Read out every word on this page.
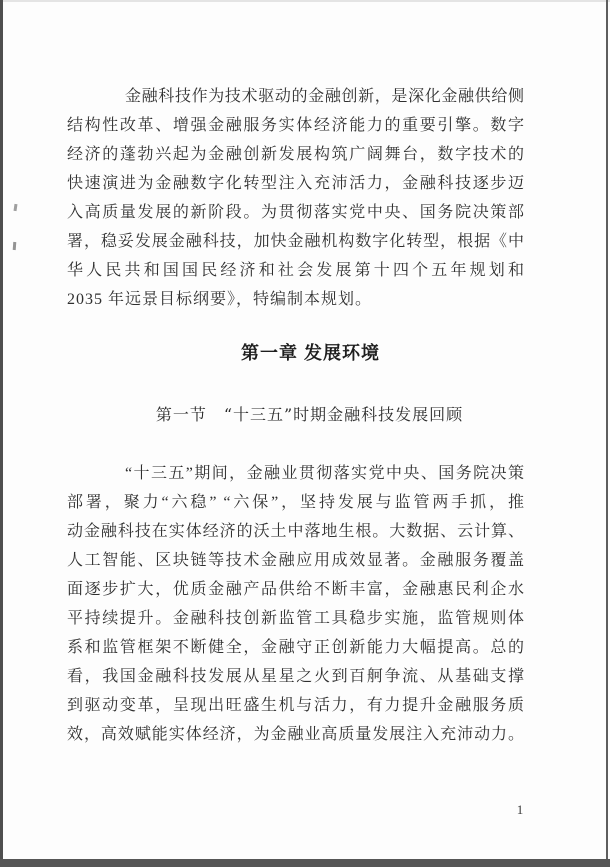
金融科技作为技术驱动的金融创新，是深化金融供给侧
结构性改革、增强金融服务实体经济能力的重要引擎。数字
经济的蓬勃兴起为金融创新发展构筑广阔舞台，数字技术的
快速演进为金融数字化转型注入充沛活力，金融科技逐步迈
入高质量发展的新阶段。为贯彻落实党中央、国务院决策部
署，稳妥发展金融科技，加快金融机构数字化转型，根据《中
华人民共和国国民经济和社会发展第十四个五年规划和
2035 年远景目标纲要》，特编制本规划。
第一章 发展环境
第一节　“十三五”时期金融科技发展回顾
“十三五”期间，金融业贯彻落实党中央、国务院决策
部署，聚力“六稳” “六保”，坚持发展与监管两手抓，推
动金融科技在实体经济的沃土中落地生根。大数据、云计算、
人工智能、区块链等技术金融应用成效显著。金融服务覆盖
面逐步扩大，优质金融产品供给不断丰富，金融惠民利企水
平持续提升。金融科技创新监管工具稳步实施，监管规则体
系和监管框架不断健全，金融守正创新能力大幅提高。总的
看，我国金融科技发展从星星之火到百舸争流、从基础支撑
到驱动变革，呈现出旺盛生机与活力，有力提升金融服务质
效，高效赋能实体经济，为金融业高质量发展注入充沛动力。
1
